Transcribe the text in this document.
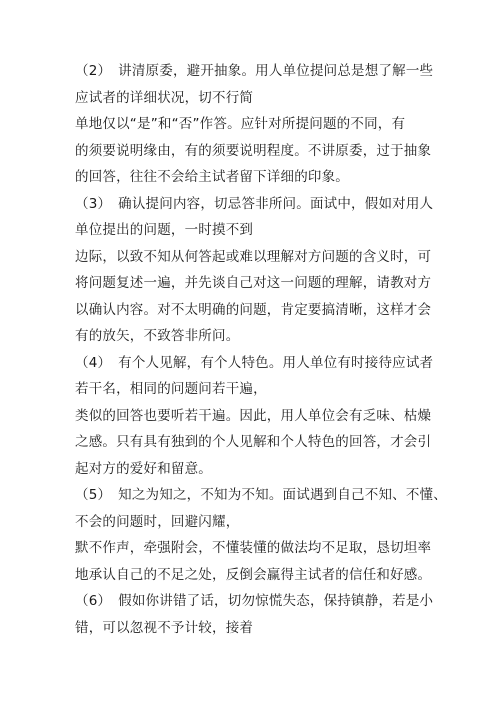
（2）　讲清原委，避开抽象。用人单位提问总是想了解一些
应试者的详细状况，切不行简
单地仅以“是”和“否”作答。应针对所提问题的不同，有
的须要说明缘由，有的须要说明程度。不讲原委，过于抽象
的回答，往往不会给主试者留下详细的印象。
（3）　确认提问内容，切忌答非所问。面试中，假如对用人
单位提出的问题，一时摸不到
边际，以致不知从何答起或难以理解对方问题的含义时，可
将问题复述一遍，并先谈自己对这一问题的理解，请教对方
以确认内容。对不太明确的问题，肯定要搞清晰，这样才会
有的放矢，不致答非所问。
（4）　有个人见解，有个人特色。用人单位有时接待应试者
若干名，相同的问题问若干遍，
类似的回答也要听若干遍。因此，用人单位会有乏味、枯燥
之感。只有具有独到的个人见解和个人特色的回答，才会引
起对方的爱好和留意。
（5）　知之为知之，不知为不知。面试遇到自己不知、不懂、
不会的问题时，回避闪耀，
默不作声，牵强附会，不懂装懂的做法均不足取，恳切坦率
地承认自己的不足之处，反倒会赢得主试者的信任和好感。
（6）　假如你讲错了话，切勿惊慌失态，保持镇静，若是小
错，可以忽视不予计较，接着
